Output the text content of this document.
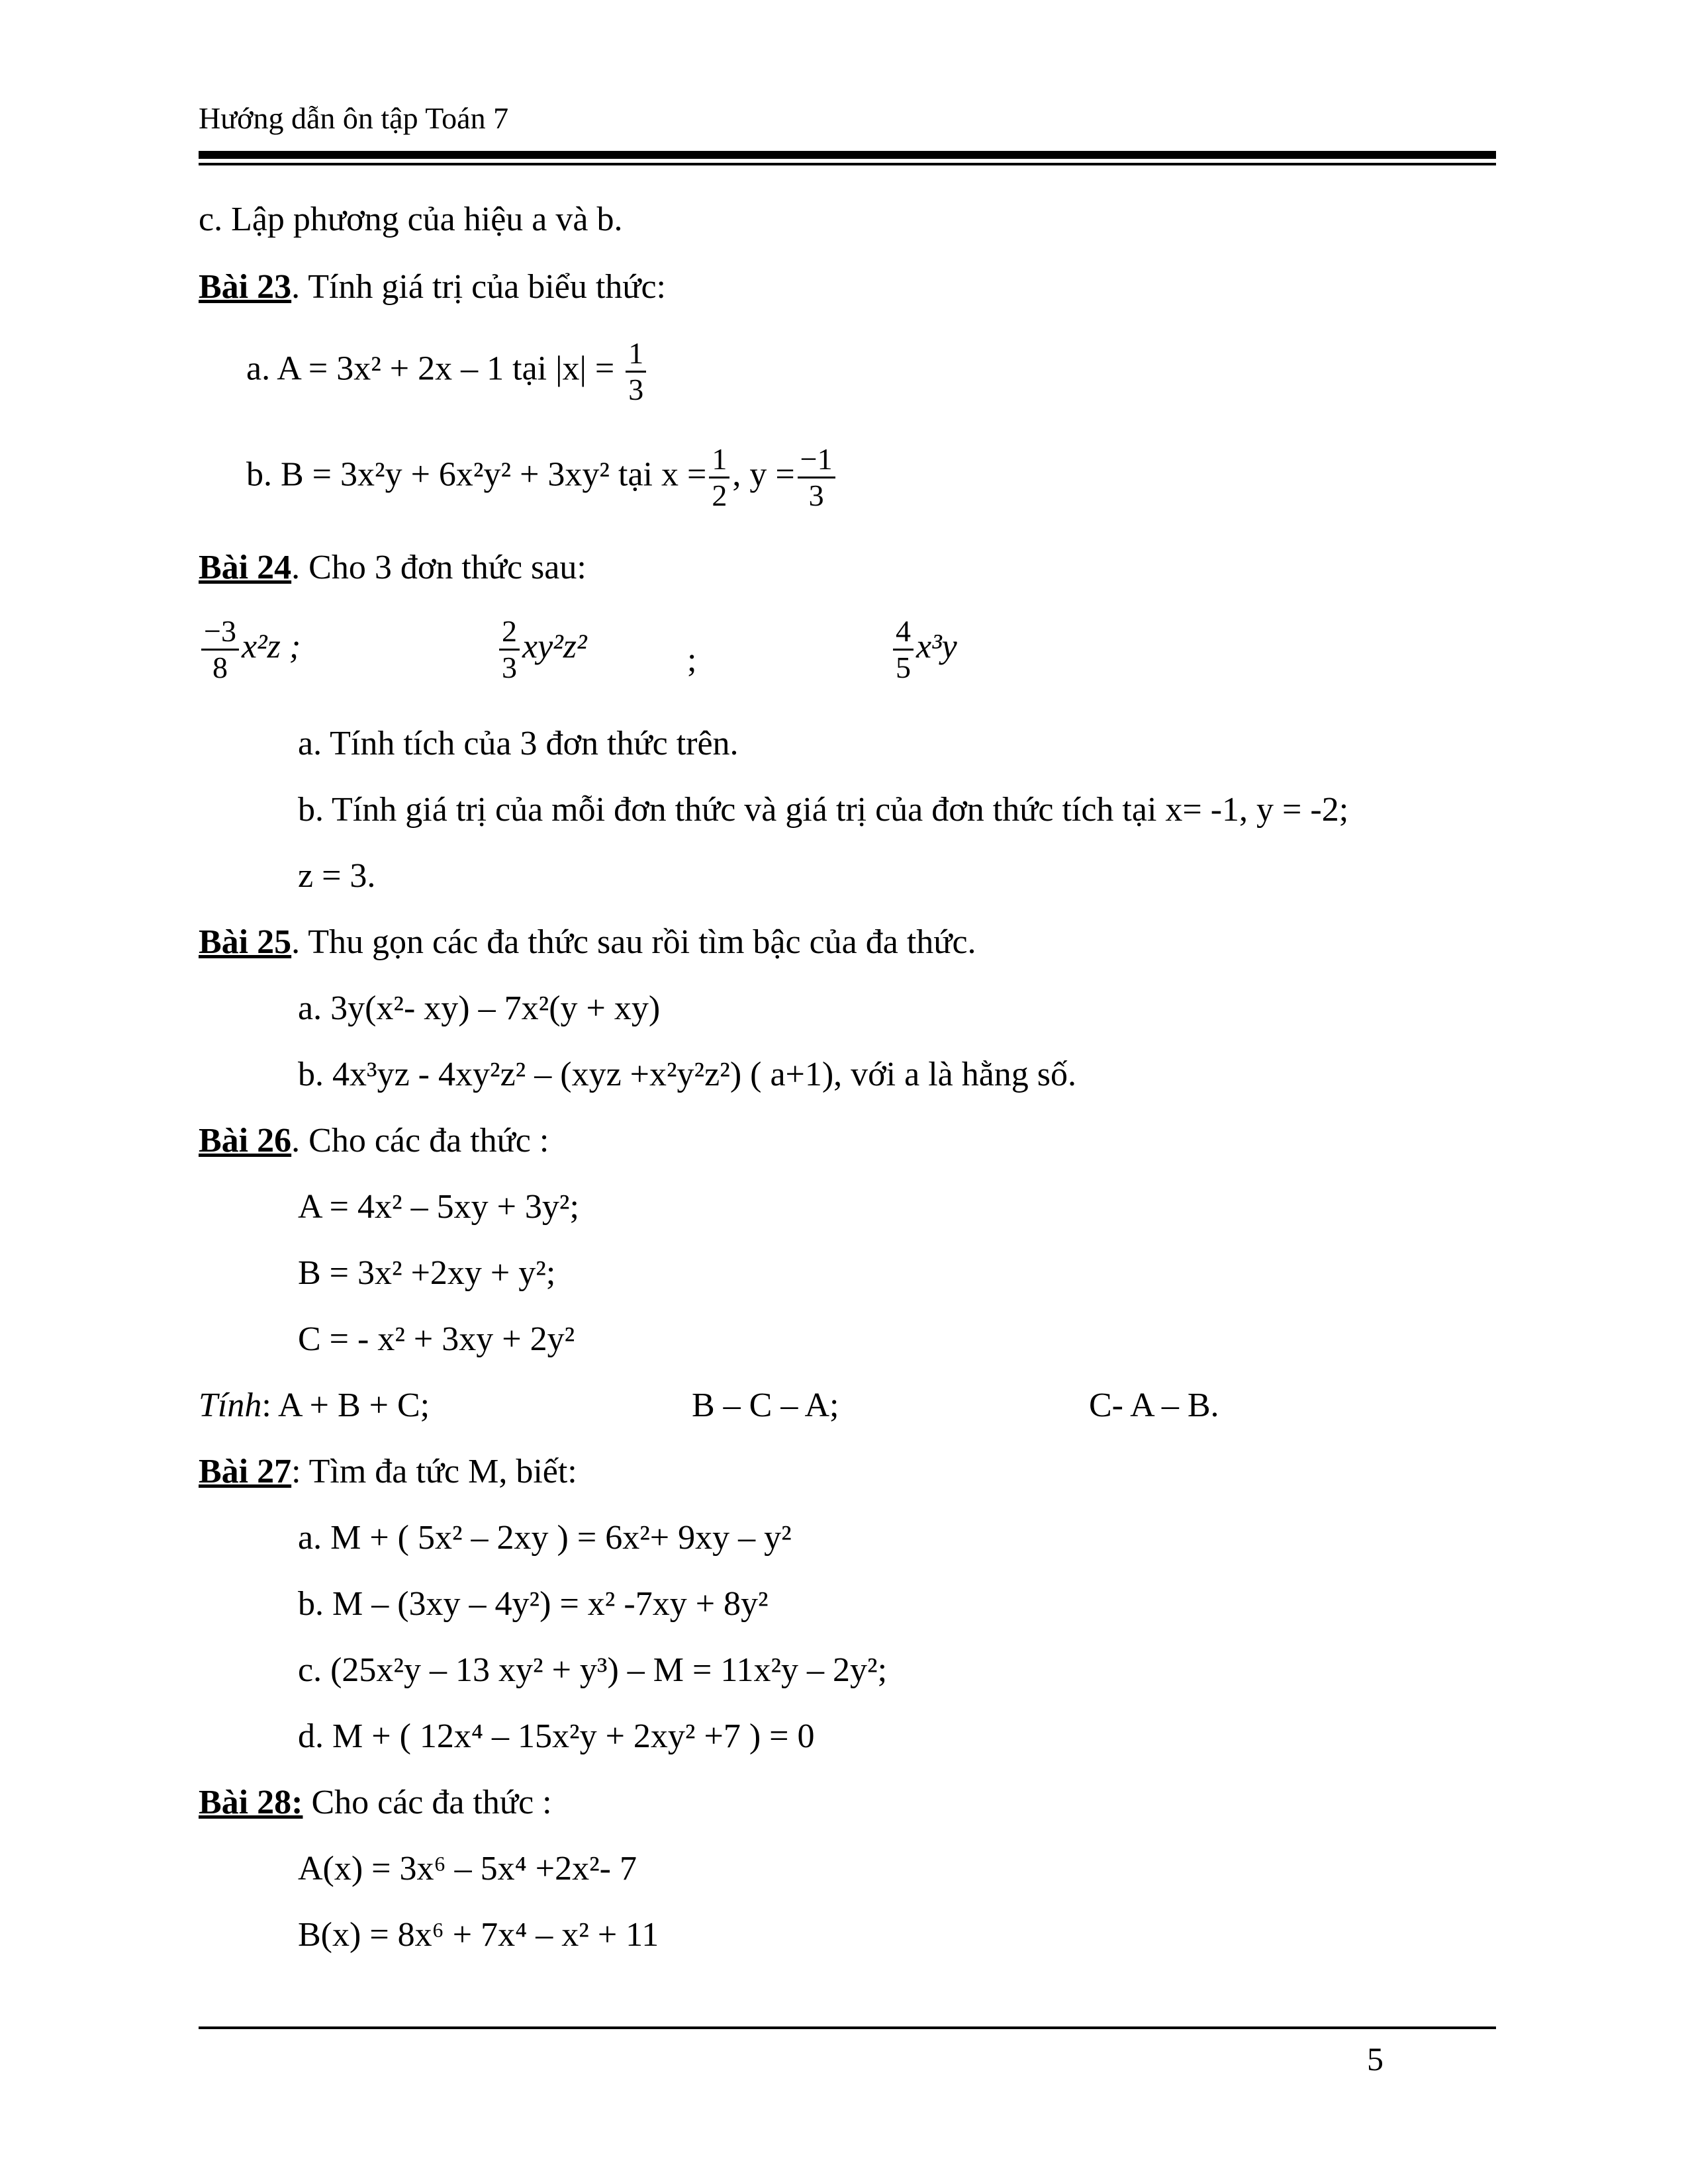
Hướng dẫn ôn tập Toán 7
c. Lập phương của hiệu a và b.
Bài 23. Tính giá trị của biểu thức:
a. A = 3x² + 2x – 1 tại $|x| = \frac{1}{3}$
b. B = 3x²y + 6x²y² + 3xy² tại $x = \frac{1}{2}$ , $y = \frac{-1}{3}$
Bài 24. Cho 3 đơn thức sau:
$\frac{-3}{8} x^2z$ ;	$\frac{2}{3} xy^2z^2$	;	$\frac{4}{5} x^3y$
a. Tính tích của 3 đơn thức trên.
b. Tính giá trị của mỗi đơn thức và giá trị của đơn thức tích tại x= -1, y = -2;
z = 3.
Bài 25. Thu gọn các đa thức sau rồi tìm bậc của đa thức.
a. 3y(x²- xy) – 7x²(y + xy)
b. 4x³yz - 4xy²z² – (xyz +x²y²z²) ( a+1), với a là hằng số.
Bài 26. Cho các đa thức :
A = 4x² – 5xy + 3y²;
B = 3x² +2xy + y²;
C = - x² + 3xy + 2y²
Tính: A + B + C;	B – C – A;	C- A – B.
Bài 27: Tìm đa tức M, biết:
a. M + ( 5x² – 2xy ) = 6x²+ 9xy – y²
b. M – (3xy – 4y²) = x² -7xy + 8y²
c. (25x²y – 13 xy² + y³) – M = 11x²y – 2y²;
d. M + ( 12x⁴ – 15x²y + 2xy² +7 ) = 0
Bài 28: Cho các đa thức :
A(x) = 3x⁶ – 5x⁴ +2x²- 7
B(x) = 8x⁶ + 7x⁴ – x² + 11
5
